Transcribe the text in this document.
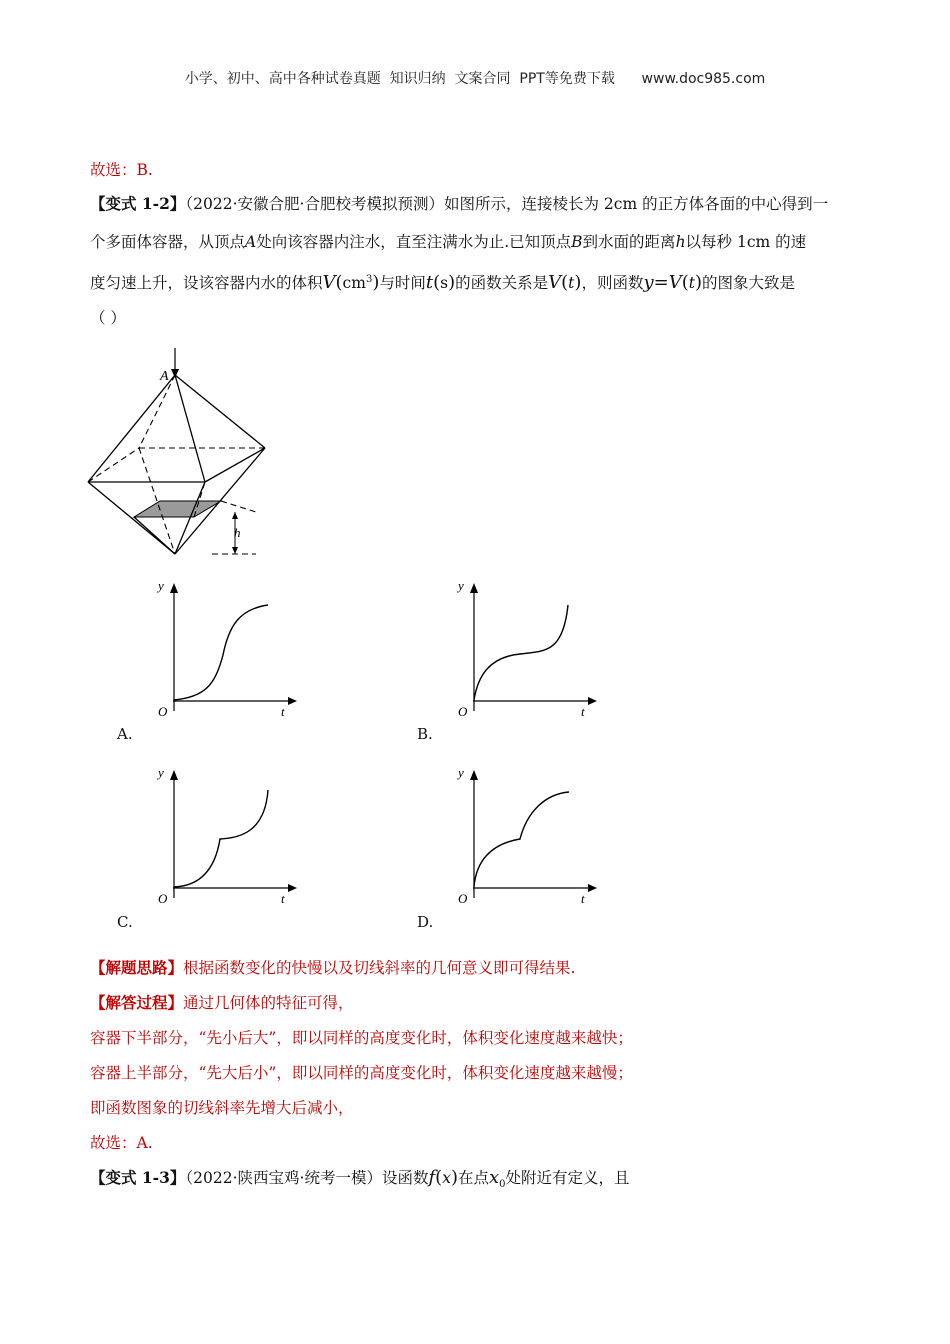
小学、初中、高中各种试卷真题  知识归纳  文案合同  PPT等免费下载 www.doc985.com
故选：B.
【变式 1-2】（2022·安徽合肥·合肥校考模拟预测）如图所示，连接棱长为 2cm 的正方体各面的中心得到一
个多面体容器，从顶点A处向该容器内注水，直至注满水为止.已知顶点B到水面的距离h以每秒 1cm 的速
度匀速上升，设该容器内水的体积$V(cm^3)$与时间t(s)的函数关系是V(t)，则函数y=V(t)的图象大致是
（ ）
A
h
y
t
O
A.
y
t
O
B.
y
t
O
C.
y
t
O
D.
【解题思路】根据函数变化的快慢以及切线斜率的几何意义即可得结果.
【解答过程】通过几何体的特征可得，
容器下半部分，“先小后大”，即以同样的高度变化时，体积变化速度越来越快；
容器上半部分，“先大后小”，即以同样的高度变化时，体积变化速度越来越慢；
即函数图象的切线斜率先增大后减小，
故选：A.
【变式 1-3】（2022·陕西宝鸡·统考一模）设函数f(x)在点$x_0$处附近有定义，且
